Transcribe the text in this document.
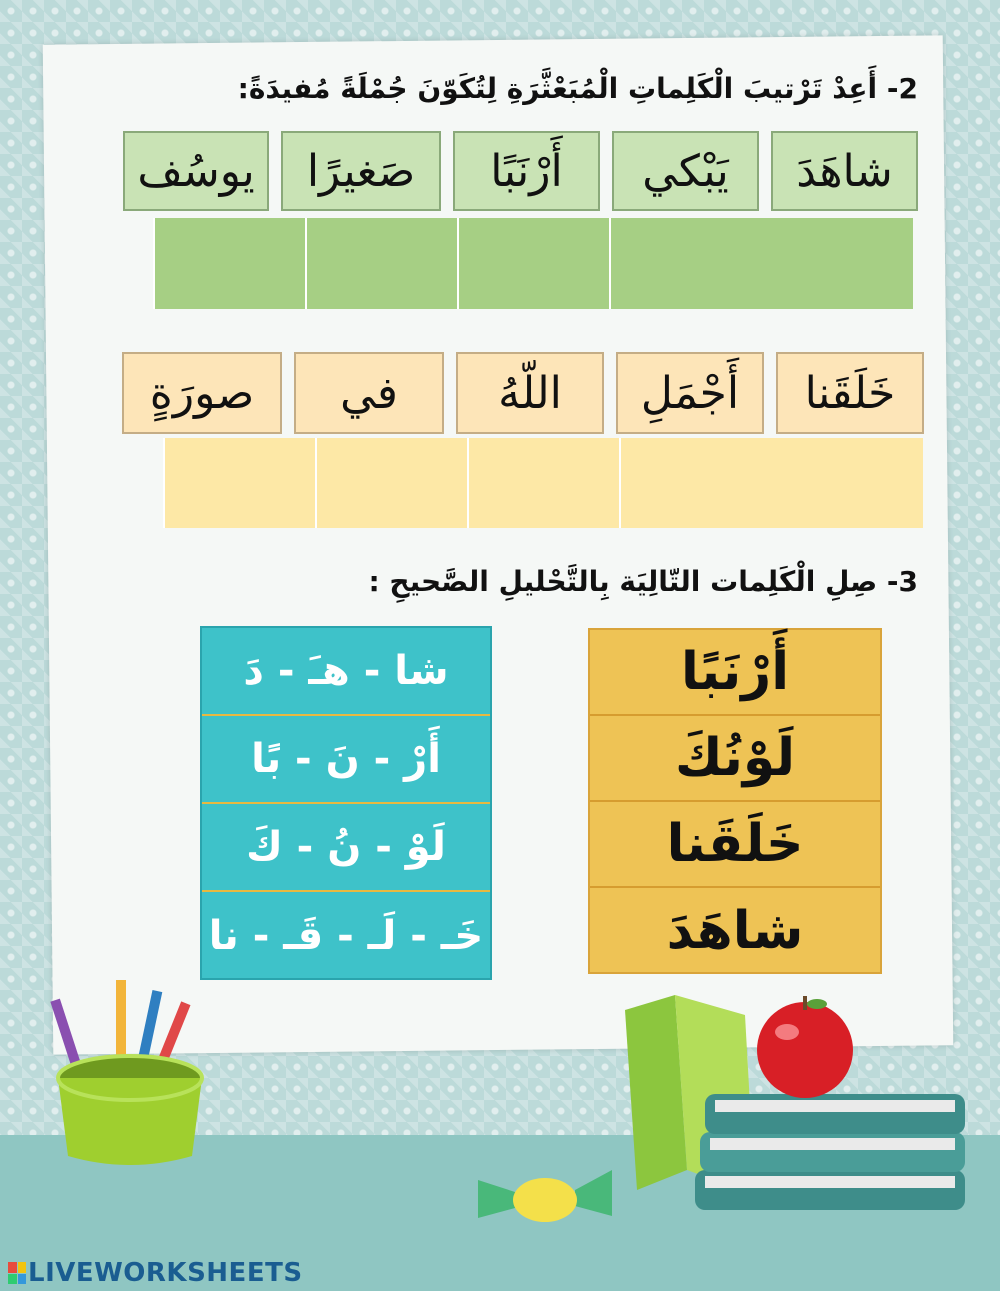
2- أَعِدْ تَرْتيبَ الْكَلِماتِ الْمُبَعْثَّرَةِ لِتُكَوّنَ جُمْلَةً مُفيدَةً:
شاهَدَ
يَبْكي
أَرْنَبًا
صَغيرًا
يوسُف
خَلَقَنا
أَجْمَلِ
اللّهُ
في
صورَةٍ
3- صِلِ الْكَلِمات التّالِيَة بِالتَّحْليلِ الصَّحيحِ :
شا - هـَ - دَ
أَرْ - نَ - بًا
لَوْ - نُ - كَ
خَـ - لَـ - قَـ - نا
أَرْنَبًا
لَوْنُكَ
خَلَقَنا
شاهَدَ
LIVEWORKSHEETS
